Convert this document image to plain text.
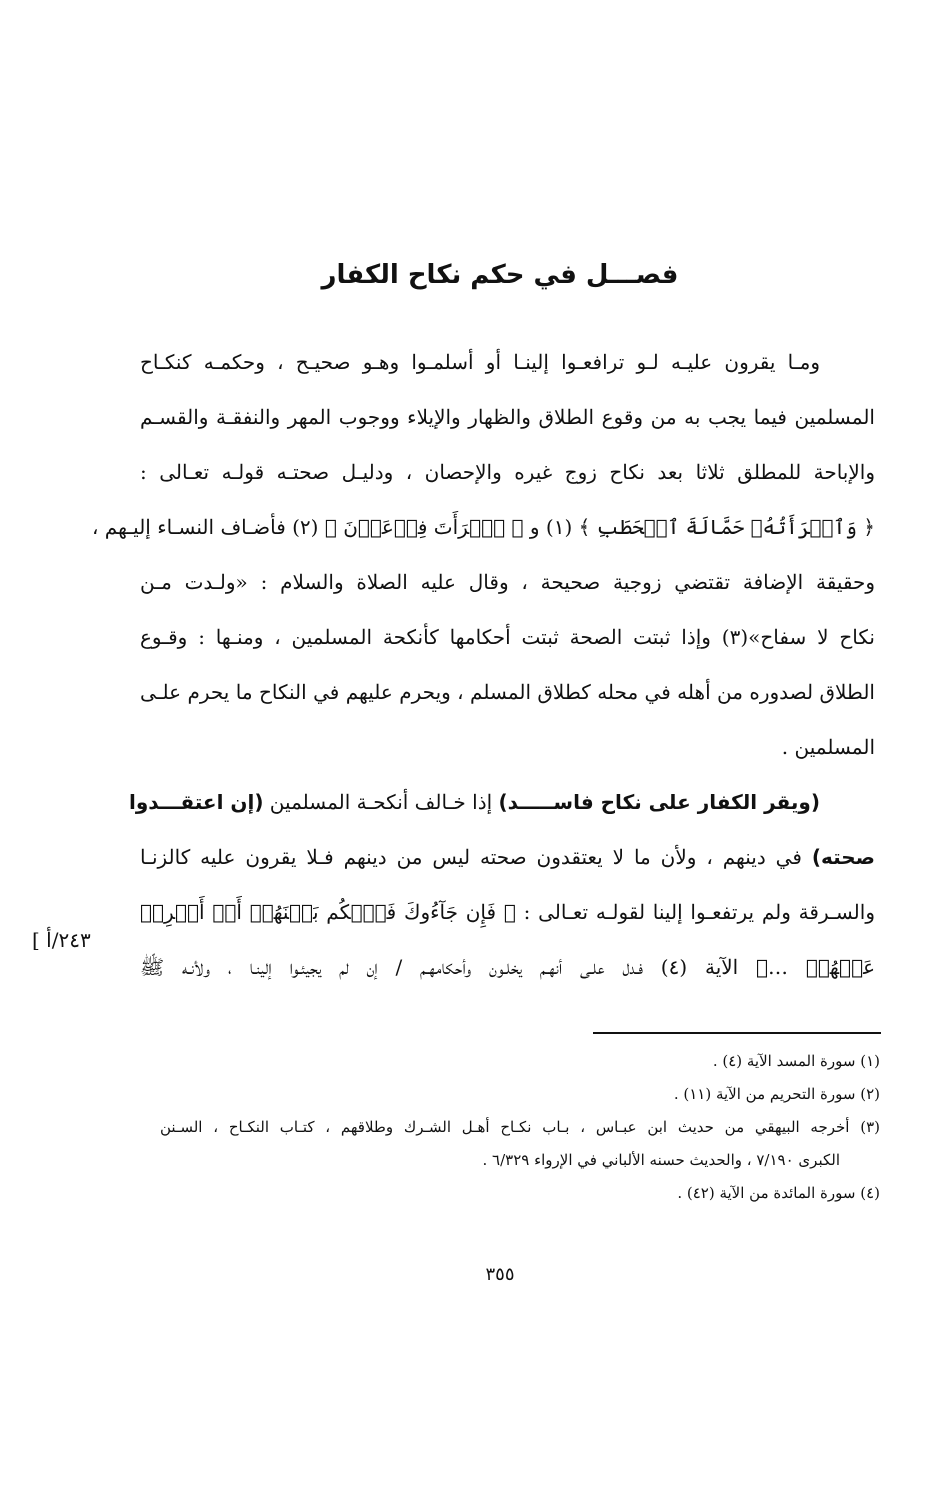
فصـــل في حكم نكاح الكفار
ومـا يقرون عليـه لـو ترافعـوا إلينـا أو أسلمـوا وهـو صحيـح ، وحكمـه كنكـاح
المسلمين فيما يجب به من وقوع الطلاق والظهار والإيلاء ووجوب المهر والنفقـة والقسـم
والإباحة للمطلق ثلاثا بعد نكاح زوج غيره والإحصان ، ودليـل صحتـه قولـه تعـالى :
﴿ وَٱمۡرَأَتُهُۥ حَمَّالَةَ ٱلۡحَطَبِ ﴾ (١) و ﴿ ٱمۡرَأَتَ فِرۡعَوۡنَ ﴾ (٢) فأضـاف النسـاء إليـهم ،
وحقيقة الإضافة تقتضي زوجية صحيحة ، وقال عليه الصلاة والسلام : «ولـدت مـن
نكاح لا سفاح»(٣) وإذا ثبتت الصحة ثبتت أحكامها كأنكحة المسلمين ، ومنـها : وقـوع
الطلاق لصدوره من أهله في محله كطلاق المسلم ، ويحرم عليهم في النكاح ما يحرم علـى
المسلمين .
(ويقر الكفار على نكاح فاســـــد) إذا خـالف أنكحـة المسلمين (إن اعتقـــدوا
صحته) في دينهم ، ولأن ما لا يعتقدون صحته ليس من دينهم فـلا يقرون عليه كالزنـا
والسـرقة ولم يرتفعـوا إلينا لقولـه تعـالى : ﴿ فَإِن جَآءُوكَ فَٱحۡكُم بَيۡنَهُمۡ أَوۡ أَعۡرِضۡ
عَنۡهُمۡ …﴾ الآية (٤) فـدل علـى أنهـم يخلـون وأحكامهـم / إن لم يجيئـوا إلينـا ، ولأنـه ﷺ
[ ٢٤٣/أ
(١) سورة المسد الآية (٤) .
(٢) سورة التحريم من الآية (١١) .
(٣) أخرجه البيهقي من حديث ابن عبـاس ، بـاب نكـاح أهـل الشـرك وطلاقهم ، كتـاب النكـاح ، السـنن
الكبرى ٧/١٩٠ ، والحديث حسنه الألباني في الإرواء ٦/٣٢٩ .
(٤) سورة المائدة من الآية (٤٢) .
٣٥٥
